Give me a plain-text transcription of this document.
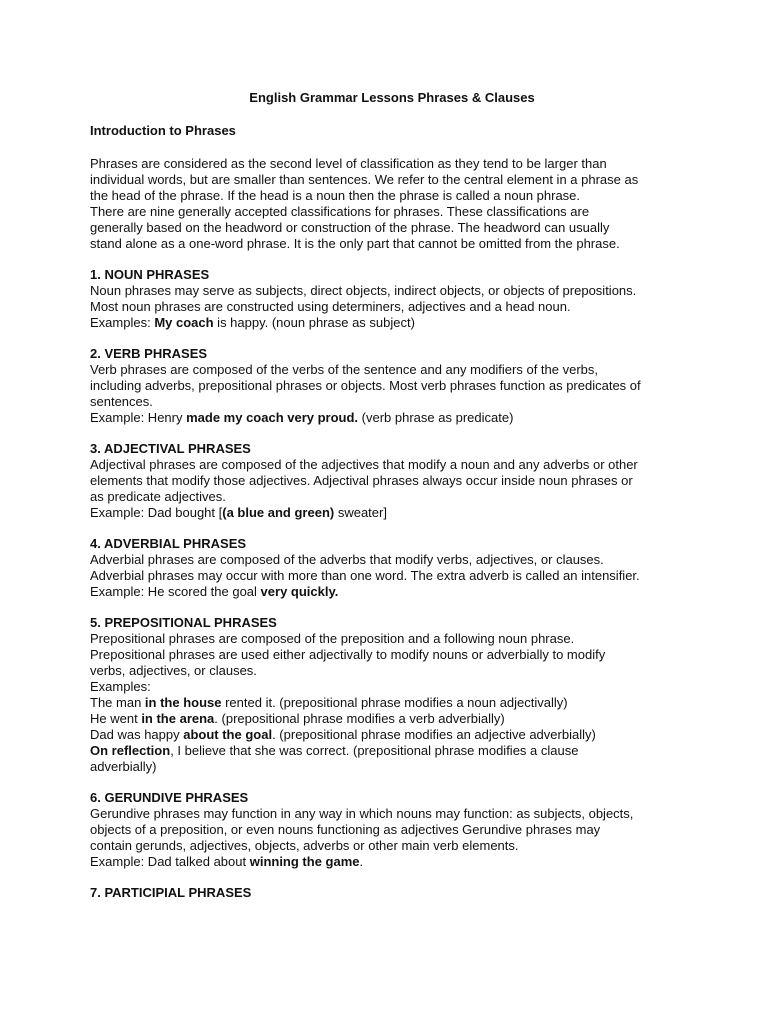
English Grammar Lessons Phrases & Clauses

Introduction to Phrases

Phrases are considered as the second level of classification as they tend to be larger than

individual words, but are smaller than sentences. We refer to the central element in a phrase as

the head of the phrase. If the head is a noun then the phrase is called a noun phrase.

There are nine generally accepted classifications for phrases. These classifications are

generally based on the headword or construction of the phrase. The headword can usually

stand alone as a one-word phrase. It is the only part that cannot be omitted from the phrase.

1. NOUN PHRASES

Noun phrases may serve as subjects, direct objects, indirect objects, or objects of prepositions.

Most noun phrases are constructed using determiners, adjectives and a head noun.

Examples: My coach is happy. (noun phrase as subject)

2. VERB PHRASES

Verb phrases are composed of the verbs of the sentence and any modifiers of the verbs,

including adverbs, prepositional phrases or objects. Most verb phrases function as predicates of

sentences.

Example: Henry made my coach very proud. (verb phrase as predicate)

3. ADJECTIVAL PHRASES

Adjectival phrases are composed of the adjectives that modify a noun and any adverbs or other

elements that modify those adjectives. Adjectival phrases always occur inside noun phrases or

as predicate adjectives.

Example: Dad bought [(a blue and green) sweater]

4. ADVERBIAL PHRASES

Adverbial phrases are composed of the adverbs that modify verbs, adjectives, or clauses.

Adverbial phrases may occur with more than one word. The extra adverb is called an intensifier.

Example: He scored the goal very quickly.

5. PREPOSITIONAL PHRASES

Prepositional phrases are composed of the preposition and a following noun phrase.

Prepositional phrases are used either adjectivally to modify nouns or adverbially to modify

verbs, adjectives, or clauses.

Examples:

The man in the house rented it. (prepositional phrase modifies a noun adjectivally)

He went in the arena. (prepositional phrase modifies a verb adverbially)

Dad was happy about the goal. (prepositional phrase modifies an adjective adverbially)

On reflection, I believe that she was correct. (prepositional phrase modifies a clause

adverbially)

6. GERUNDIVE PHRASES

Gerundive phrases may function in any way in which nouns may function: as subjects, objects,

objects of a preposition, or even nouns functioning as adjectives Gerundive phrases may

contain gerunds, adjectives, objects, adverbs or other main verb elements.

Example: Dad talked about winning the game.

7. PARTICIPIAL PHRASES
